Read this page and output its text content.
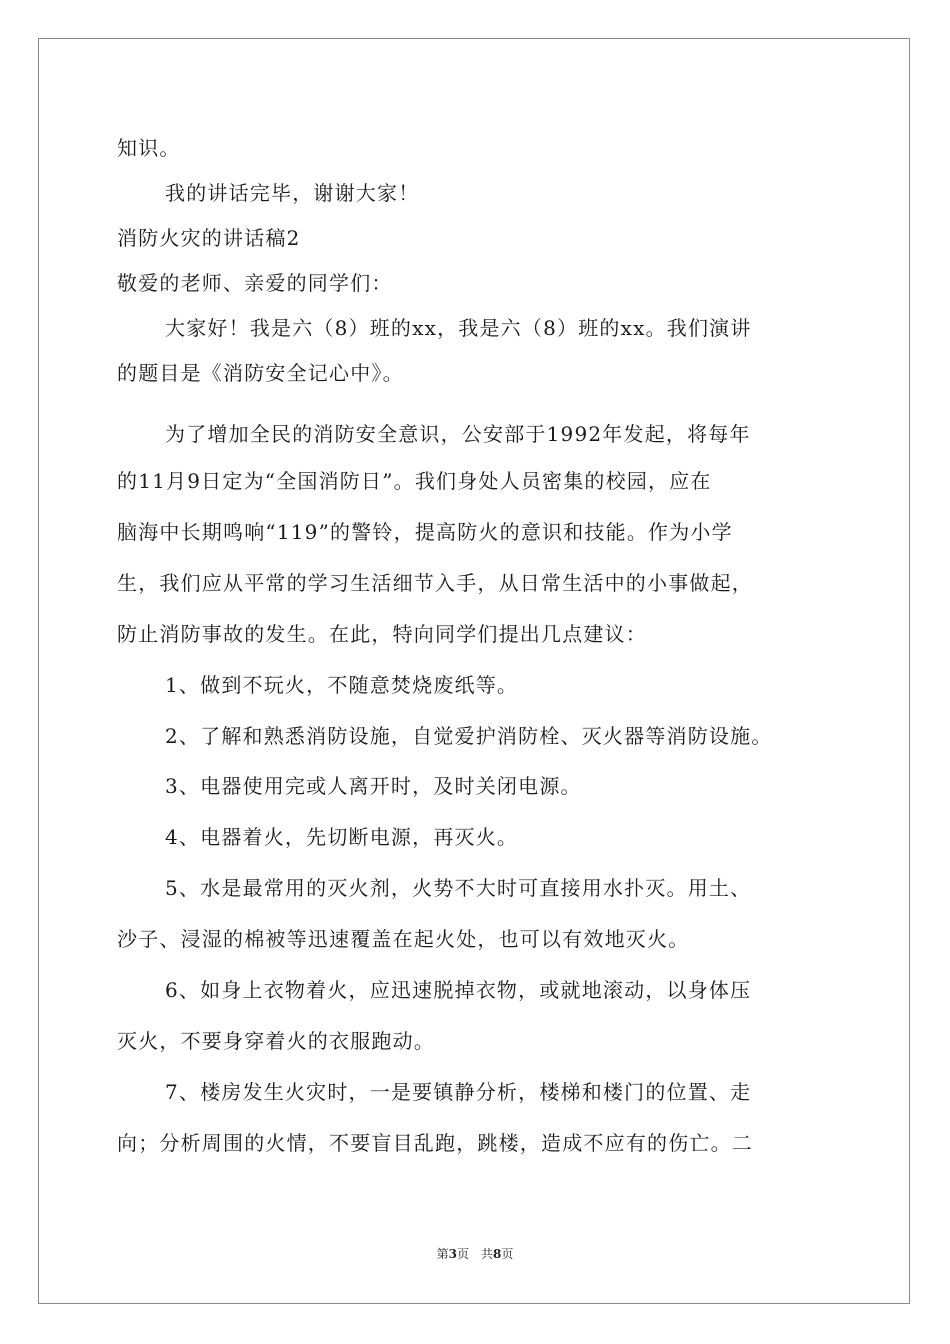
知识。
我的讲话完毕，谢谢大家！
消防火灾的讲话稿2
敬爱的老师、亲爱的同学们：
大家好！我是六（8）班的xx，我是六（8）班的xx。我们演讲
的题目是《消防安全记心中》。
为了增加全民的消防安全意识，公安部于1992年发起，将每年
的11月9日定为“全国消防日”。我们身处人员密集的校园，应在
脑海中长期鸣响“119”的警铃，提高防火的意识和技能。作为小学
生，我们应从平常的学习生活细节入手，从日常生活中的小事做起，
防止消防事故的发生。在此，特向同学们提出几点建议：
1、做到不玩火，不随意焚烧废纸等。
2、了解和熟悉消防设施，自觉爱护消防栓、灭火器等消防设施。
3、电器使用完或人离开时，及时关闭电源。
4、电器着火，先切断电源，再灭火。
5、水是最常用的灭火剂，火势不大时可直接用水扑灭。用土、
沙子、浸湿的棉被等迅速覆盖在起火处，也可以有效地灭火。
6、如身上衣物着火，应迅速脱掉衣物，或就地滚动，以身体压
灭火，不要身穿着火的衣服跑动。
7、楼房发生火灾时，一是要镇静分析，楼梯和楼门的位置、走
向；分析周围的火情，不要盲目乱跑，跳楼，造成不应有的伤亡。二
第3页　共8页
